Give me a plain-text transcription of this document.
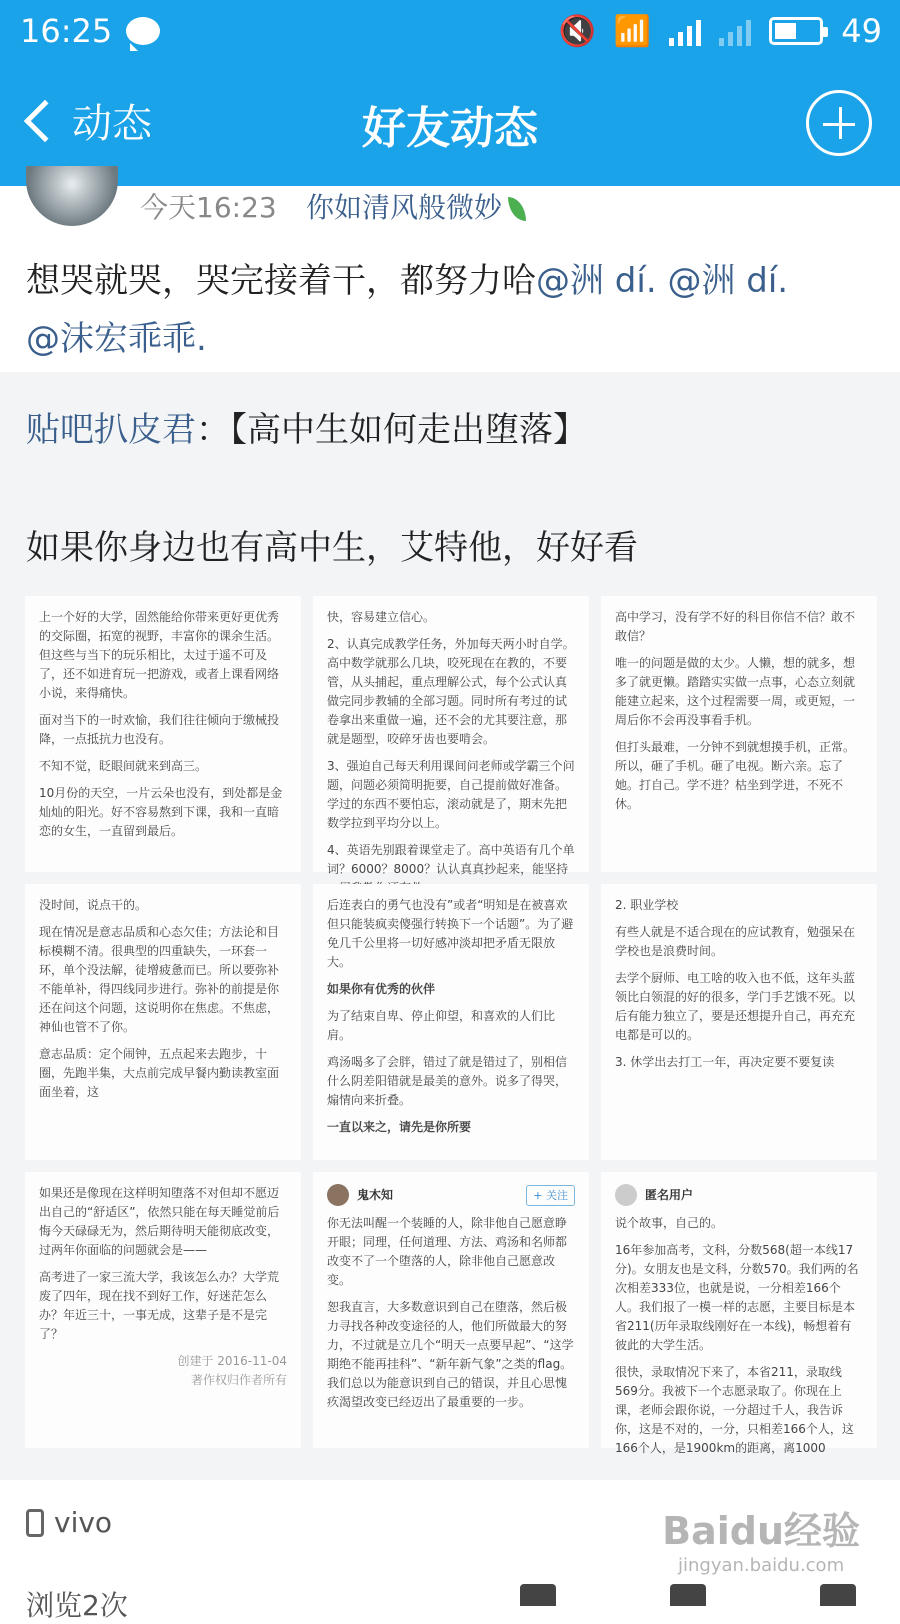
16:25	🔇 📶	49
动态	好友动态
今天16:23 你如清风般微妙
想哭就哭，哭完接着干，都努力哈@洲 dí. @洲 dí.
@沫宏乖乖.
贴吧扒皮君：【高中生如何走出堕落】
如果你身边也有高中生，艾特他，好好看

上一个好的大学，固然能给你带来更好更优秀的交际圈，拓宽的视野，丰富你的课余生活。但这些与当下的玩乐相比，太过于遥不可及了，还不如进育玩一把游戏，或者上课看网络小说，来得痛快。

面对当下的一时欢愉，我们往往倾向于缴械投降，一点抵抗力也没有。

不知不觉，眨眼间就来到高三。

10月份的天空，一片云朵也没有，到处都是金灿灿的阳光。好不容易熬到下课，我和一直暗恋的女生，一直留到最后。

快，容易建立信心。

2、认真完成教学任务，外加每天两小时自学。高中数学就那么几块，咬死现在在教的，不要管，从头捕起，重点理解公式，每个公式认真做完同步教辅的全部习题。同时所有考过的试卷拿出来重做一遍，还不会的尤其要注意，那就是题型，咬碎牙齿也要啃会。

3、强迫自己每天利用课间问老师或学霸三个问题，问题必须简明扼要，自己提前做好准备。学过的东西不要怕忘，滚动就是了，期末先把数学拉到平均分以上。

4、英语先别跟着课堂走了。高中英语有几个单词？6000？8000？认认真真抄起来，能坚持

高中学习，没有学不好的科目你信不信？敢不敢信？

唯一的问题是做的太少。人懒，想的就多，想多了就更懒。踏踏实实做一点事，心态立刻就能建立起来，这个过程需要一周，或更短，一周后你不会再没事看手机。

但打头最难，一分钟不到就想摸手机，正常。所以，砸了手机。砸了电视。断六亲。忘了她。打自己。学不进？枯坐到学进，不死不休。

没时间，说点干的。

现在情况是意志品质和心态欠佳；方法论和目标模糊不清。很典型的四重缺失，一环套一环，单个没法解，徒增疲惫而已。所以要弥补不能单补，得四线同步进行。弥补的前提是你还在问这个问题，这说明你在焦虑。不焦虑，神仙也管不了你。

意志品质：定个闹钟，五点起来去跑步，十圈，先跑半集，大点前完成早餐内勤读教室面面坐着，这

后连表白的勇气也没有”或者“明知是在被喜欢但只能装疯卖傻强行转换下一个话题”。为了避免几千公里将一切好感冲淡却把矛盾无限放大。

如果你有优秀的伙伴

为了结束自卑、停止仰望，和喜欢的人们比肩。

鸡汤喝多了会胖，错过了就是错过了，别相信什么阴差阳错就是最美的意外。说多了得哭，煽情向来折叠。

一直以来之，请先是你所要

2. 职业学校

有些人就是不适合现在的应试教育，勉强呆在学校也是浪费时间。

去学个厨师、电工啥的收入也不低，这年头蓝领比白领混的好的很多，学门手艺饿不死。以后有能力独立了，要是还想提升自己，再充充电都是可以的。

3. 休学出去打工一年，再决定要不要复读

如果还是像现在这样明知堕落不对但却不愿迈出自己的“舒适区”，依然只能在每天睡觉前后悔今天碌碌无为，然后期待明天能彻底改变，过两年你面临的问题就会是——

高考进了一家三流大学，我该怎么办？大学荒废了四年，现在找不到好工作，好迷茫怎么办？年近三十，一事无成，这辈子是不是完了？

创建于 2016-11-04
著作权归作者所有
鬼木知	+ 关注

你无法叫醒一个装睡的人，除非他自己愿意睁开眼；同理，任何道理、方法、鸡汤和名师都改变不了一个堕落的人，除非他自己愿意改变。

恕我直言，大多数意识到自己在堕落，然后极力寻找各种改变途径的人，他们所做最大的努力，不过就是立几个“明天一点要早起”、“这学期绝不能再挂科”、“新年新气象”之类的flag。我们总以为能意识到自己的错误，并且心思愧疚渴望改变已经迈出了最重要的一步。

匿名用户

说个故事，自己的。

16年参加高考，文科，分数568(超一本线17分)。女朋友也是文科，分数570。我们两的名次相差333位，也就是说，一分相差166个人。我们报了一模一样的志愿，主要目标是本省211(历年录取线刚好在一本线)，畅想着有彼此的大学生活。

很快，录取情况下来了，本省211，录取线569分。我被下一个志愿录取了。你现在上课，老师会跟你说，一分超过千人，我告诉你，这是不对的，一分，只相差166个人，这166个人，是1900km的距离，离1000

vivo	Baidu经验
jingyan.baidu.com
浏览2次
